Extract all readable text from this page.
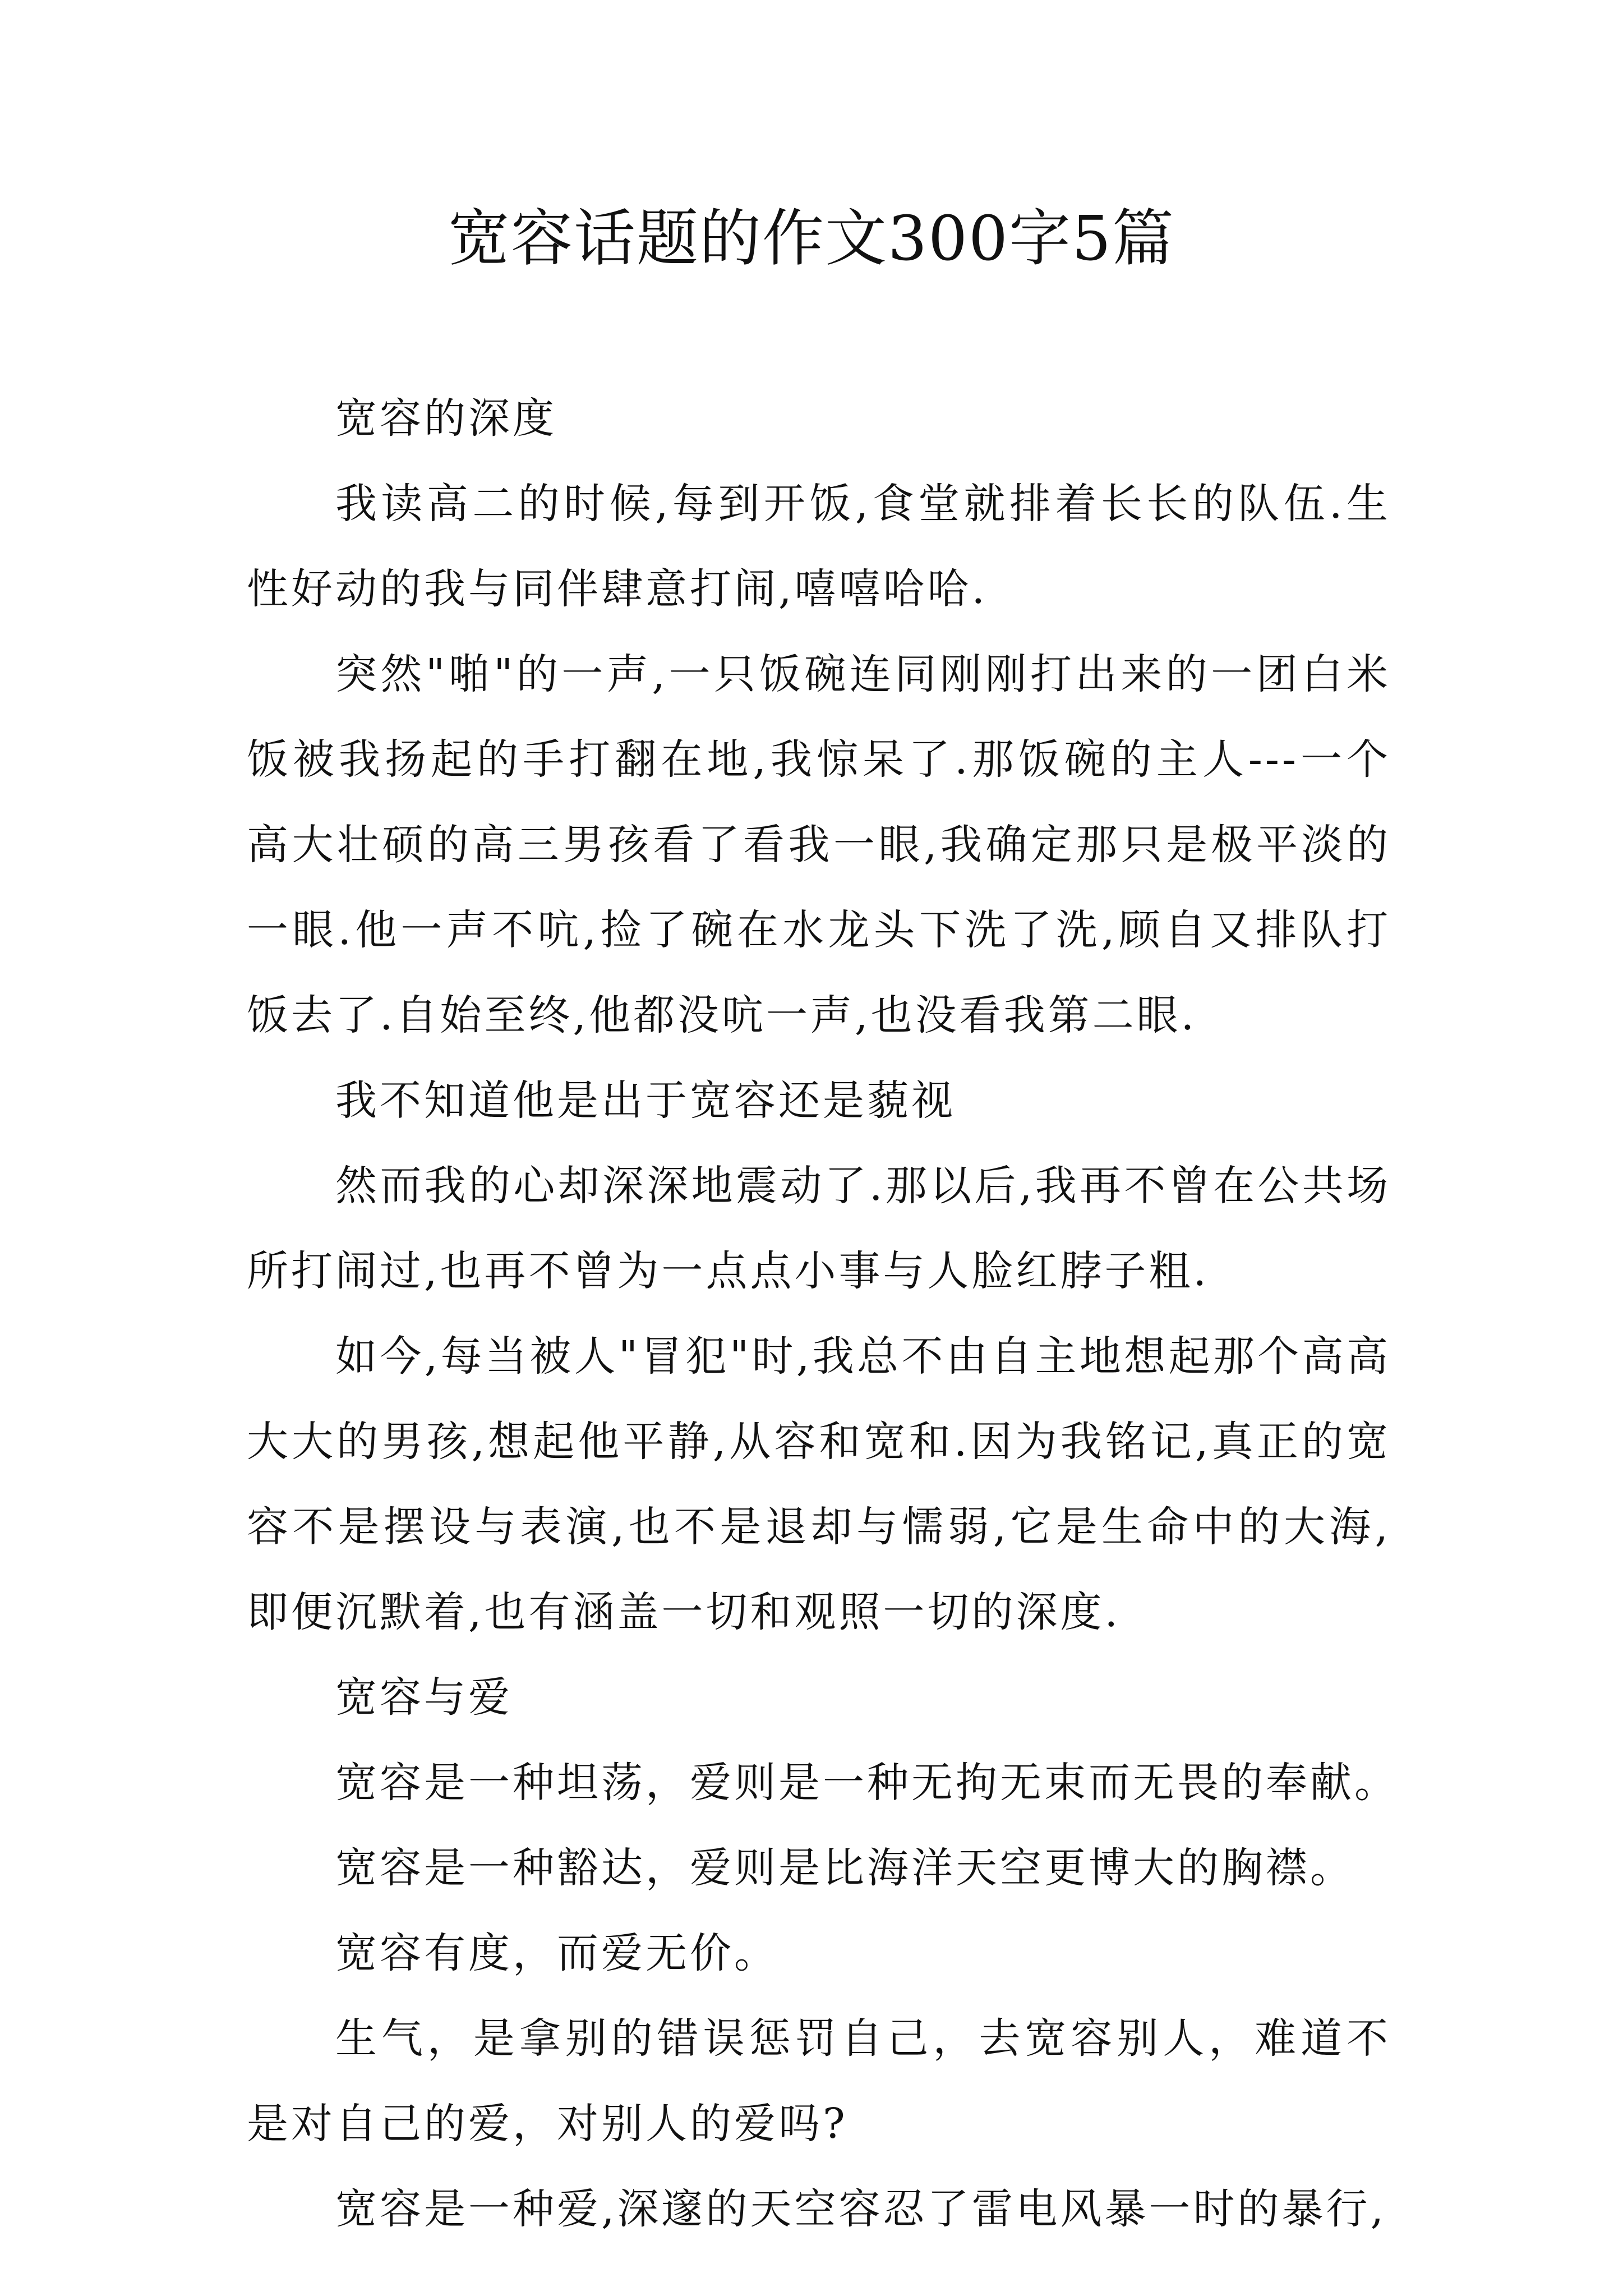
宽容话题的作文300字5篇

宽容的深度

我读高二的时候,每到开饭,食堂就排着长长的队伍.生性好动的我与同伴肆意打闹,嘻嘻哈哈.

突然"啪"的一声,一只饭碗连同刚刚打出来的一团白米饭被我扬起的手打翻在地,我惊呆了.那饭碗的主人---一个高大壮硕的高三男孩看了看我一眼,我确定那只是极平淡的一眼.他一声不吭,捡了碗在水龙头下洗了洗,顾自又排队打饭去了.自始至终,他都没吭一声,也没看我第二眼.

我不知道他是出于宽容还是藐视

然而我的心却深深地震动了.那以后,我再不曾在公共场所打闹过,也再不曾为一点点小事与人脸红脖子粗.

如今,每当被人"冒犯"时,我总不由自主地想起那个高高大大的男孩,想起他平静,从容和宽和.因为我铭记,真正的宽容不是摆设与表演,也不是退却与懦弱,它是生命中的大海,即便沉默着,也有涵盖一切和观照一切的深度.

宽容与爱

宽容是一种坦荡，爱则是一种无拘无束而无畏的奉献。

宽容是一种豁达，爱则是比海洋天空更博大的胸襟。

宽容有度，而爱无价。

生气，是拿别的错误惩罚自己，去宽容别人，难道不是对自己的爱，对别人的爱吗?

宽容是一种爱,深邃的天空容忍了雷电风暴一时的暴行,
